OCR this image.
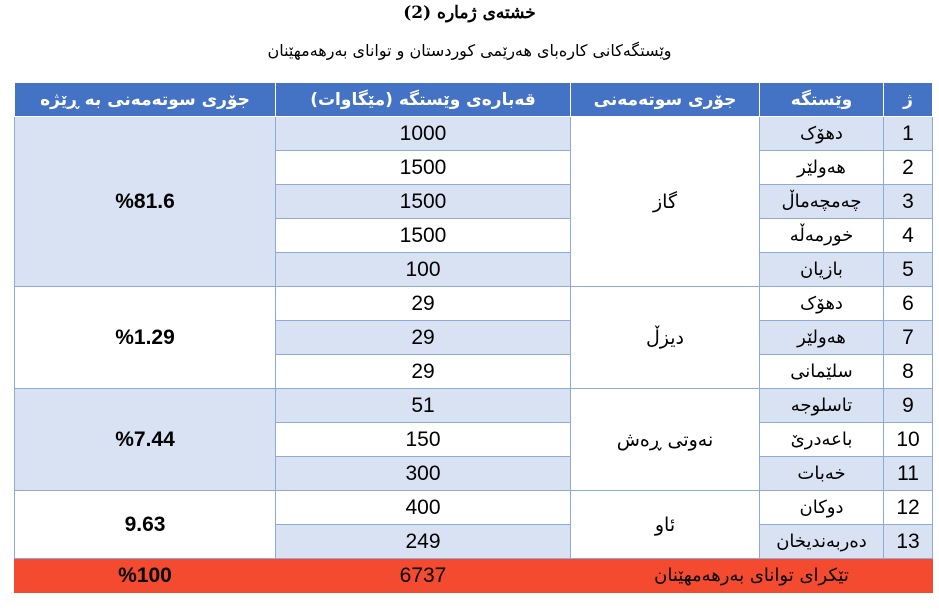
خشتەی ژمارە (2)
وێستگەکانی کارەبای هەرێمی کوردستان و توانای بەرهەمهێنان
جۆری سوتەمەنی بە ڕێژە	قەبارەی وێستگە (مێگاوات)	جۆری سوتەمەنی	وێستگە	ژ
%81.6	1000	گاز	دهۆک	1
	1500		هەولێر	2
	1500		چەمچەماڵ	3
	1500		خورمەڵە	4
	100		بازیان	5
%1.29	29	دیزڵ	دهۆک	6
	29		هەولێر	7
	29		سلێمانی	8
%7.44	51	نەوتی ڕەش	تاسلوجە	9
	150		باعەدرێ	10
	300		خەبات	11
9.63	400	ئاو	دوکان	12
	249		دەربەندیخان	13
%100	6737	تێکرای توانای بەرهەمهێنان		
